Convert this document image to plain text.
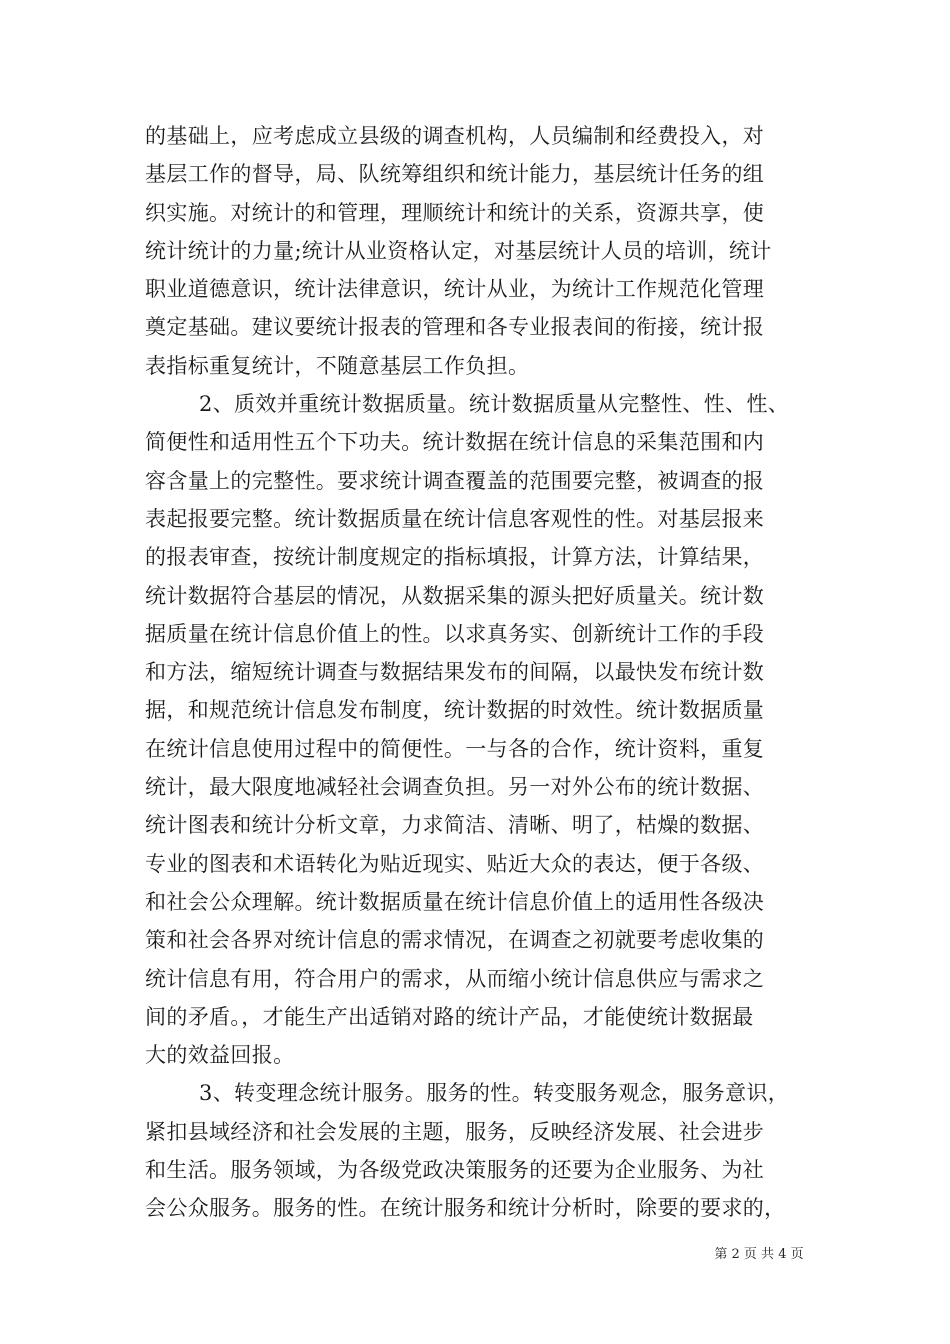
的基础上，应考虑成立县级的调查机构，人员编制和经费投入，对
基层工作的督导，局、队统筹组织和统计能力，基层统计任务的组
织实施。对统计的和管理，理顺统计和统计的关系，资源共享，使
统计统计的力量;统计从业资格认定，对基层统计人员的培训，统计
职业道德意识，统计法律意识，统计从业，为统计工作规范化管理
奠定基础。建议要统计报表的管理和各专业报表间的衔接，统计报
表指标重复统计，不随意基层工作负担。
2、质效并重统计数据质量。统计数据质量从完整性、性、性、
简便性和适用性五个下功夫。统计数据在统计信息的采集范围和内
容含量上的完整性。要求统计调查覆盖的范围要完整，被调查的报
表起报要完整。统计数据质量在统计信息客观性的性。对基层报来
的报表审查，按统计制度规定的指标填报，计算方法，计算结果，
统计数据符合基层的情况，从数据采集的源头把好质量关。统计数
据质量在统计信息价值上的性。以求真务实、创新统计工作的手段
和方法，缩短统计调查与数据结果发布的间隔，以最快发布统计数
据，和规范统计信息发布制度，统计数据的时效性。统计数据质量
在统计信息使用过程中的简便性。一与各的合作，统计资料，重复
统计，最大限度地减轻社会调查负担。另一对外公布的统计数据、
统计图表和统计分析文章，力求简洁、清晰、明了，枯燥的数据、
专业的图表和术语转化为贴近现实、贴近大众的表达，便于各级、
和社会公众理解。统计数据质量在统计信息价值上的适用性各级决
策和社会各界对统计信息的需求情况，在调查之初就要考虑收集的
统计信息有用，符合用户的需求，从而缩小统计信息供应与需求之
间的矛盾。，才能生产出适销对路的统计产品，才能使统计数据最
大的效益回报。
3、转变理念统计服务。服务的性。转变服务观念，服务意识，
紧扣县域经济和社会发展的主题，服务，反映经济发展、社会进步
和生活。服务领域，为各级党政决策服务的还要为企业服务、为社
会公众服务。服务的性。在统计服务和统计分析时，除要的要求的，
第 2 页 共 4 页
